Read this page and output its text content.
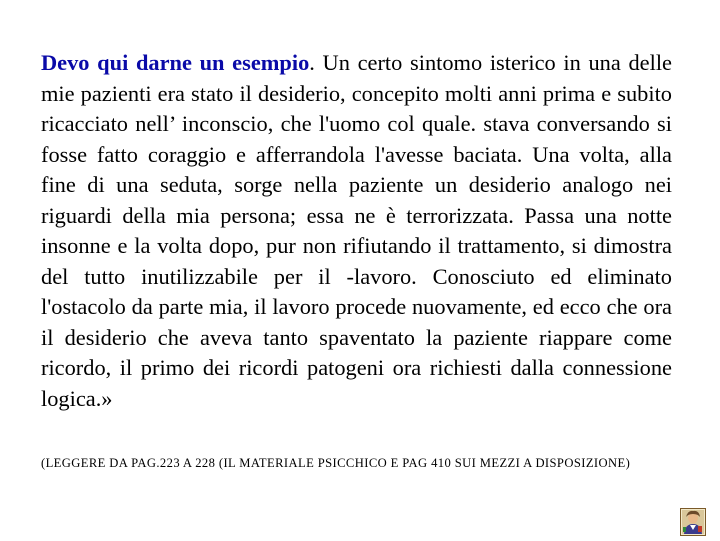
Devo qui darne un esempio. Un certo sintomo isterico in una delle mie pazienti era stato il desiderio, concepito molti anni prima e subito ricacciato nell’ inconscio, che l'uomo col quale. stava conversando si fosse fatto coraggio e afferrandola l'avesse baciata. Una volta, alla fine di una seduta, sorge nella paziente un desiderio analogo nei riguardi della mia persona; essa ne è terrorizzata. Passa una notte insonne e la volta dopo, pur non rifiutando il trattamento, si dimostra del tutto inutilizzabile per il -lavoro. Conosciuto ed eliminato l'ostacolo da parte mia, il lavoro procede nuovamente, ed ecco che ora il desiderio che aveva tanto spaventato la paziente riappare come ricordo, il primo dei ricordi patogeni ora richiesti dalla connessione logica.»

(LEGGERE DA PAG.223 A 228 (IL MATERIALE PSICCHICO E PAG 410 SUI MEZZI A DISPOSIZIONE)
